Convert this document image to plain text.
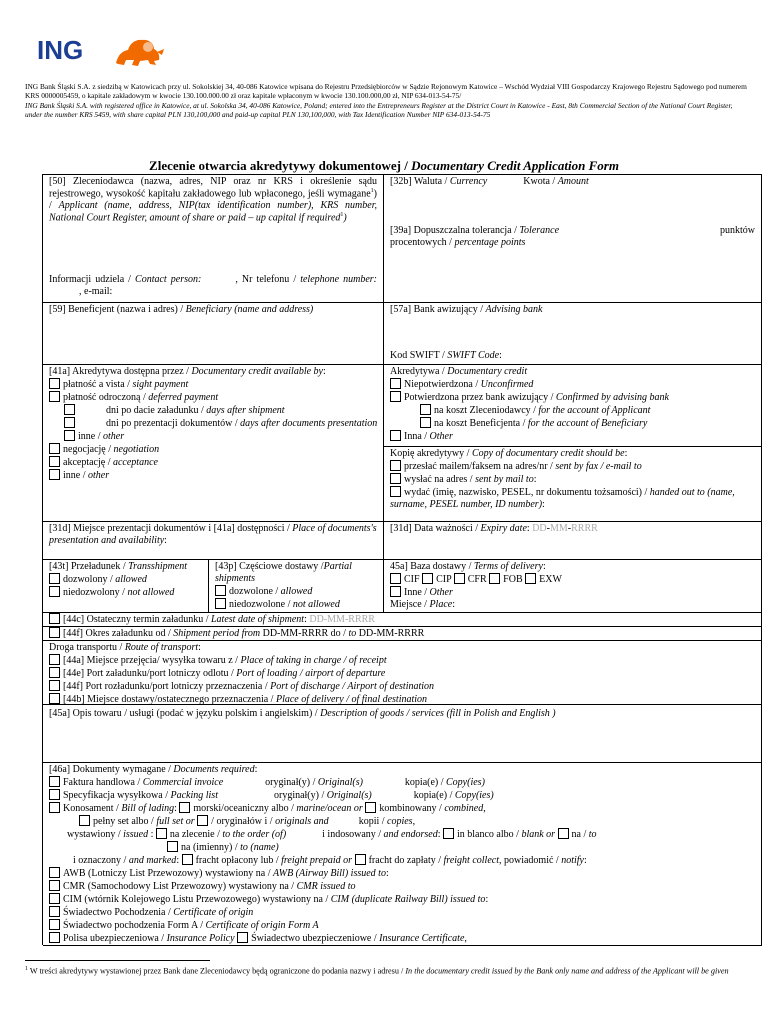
ING
ING Bank Śląski S.A. z siedzibą w Katowicach przy ul. Sokolskiej 34, 40-086 Katowice wpisana do Rejestru Przedsiębiorców w Sądzie Rejonowym Katowice – Wschód Wydział VIII Gospodarczy Krajowego Rejestru Sądowego pod numerem KRS 0000005459, o kapitale zakładowym w kwocie 130.100.000.00 zł oraz kapitale wpłaconym w kwocie 130.100.000,00 zł, NIP 634-013-54-75/
ING Bank Śląski S.A. with registered office in Katowice, at ul. Sokolska 34, 40-086 Katowice, Poland; entered into the Entrepreneurs Register at the District Court in Katowice - East, 8th Commercial Section of the National Court Register, under the number KRS 5459, with share capital PLN 130,100,000 and paid-up capital PLN 130,100,000, with Tax Identification Number NIP 634-013-54-75
Zlecenie otwarcia akredytywy dokumentowej / Documentary Credit Application Form
[50] Zleceniodawca (nazwa, adres, NIP oraz nr KRS i określenie sądu rejestrowego, wysokość kapitału zakładowego lub wpłaconego, jeśli wymagane$^1$) / Applicant (name, address, NIP(tax identification number), KRS number, National Court Register, amount of share or paid – up capital if required$^1$)
Informacji udziela / Contact person:	, Nr telefonu / telephone number: , e-mail:
[32b] Waluta / Currency	Kwota / Amount
[39a] Dopuszczalna tolerancja / Tolerance	punktów
procentowych / percentage points
[59] Beneficjent (nazwa i adres) / Beneficiary (name and address)	[57a] Bank awizujący / Advising bank
Kod SWIFT / SWIFT Code:
[41a] Akredytywa dostępna przez / Documentary credit available by:
płatność a vista / sight payment
płatność odroczoną / deferred payment
dni po dacie załadunku / days after shipment
dni po prezentacji dokumentów / days after documents presentation
inne / other
negocjację / negotiation
akceptację / acceptance
inne / other
Akredytywa / Documentary credit
Niepotwierdzona / Unconfirmed
Potwierdzona przez bank awizujący / Confirmed by advising bank
na koszt Zleceniodawcy / for the account of Applicant
na koszt Beneficjenta / for the account of Beneficiary
Inna / Other
Kopię akredytywy / Copy of documentary credit should be:
przesłać mailem/faksem na adres/nr / sent by fax / e-mail to
wysłać na adres / sent by mail to:
wydać (imię, nazwisko, PESEL, nr dokumentu tożsamości) / handed out to (name, surname, PESEL number, ID number):
[31d] Miejsce prezentacji dokumentów i [41a] dostępności / Place of documents's presentation and availability:
[31d] Data ważności / Expiry date: DD-MM-RRRR
[43t] Przeładunek / Transshipment
dozwolony / allowed
niedozwolony / not allowed
[43p] Częściowe dostawy /Partial shipments
dozwolone / allowed
niedozwolone / not allowed
45a] Baza dostawy / Terms of delivery:
CIF CIP CFR FOB EXW
Inne / Other
Miejsce / Place:
[44c] Ostateczny termin załadunku / Latest date of shipment: DD-MM-RRRR
[44f] Okres załadunku od / Shipment period from DD-MM-RRRR do / to DD-MM-RRRR
Droga transportu / Route of transport:
[44a] Miejsce przejęcia/ wysyłka towaru z / Place of taking in charge / of receipt
[44e] Port załadunku/port lotniczy odlotu / Port of loading / airport of departure
[44f] Port rozładunku/port lotniczy przeznaczenia / Port of discharge / Airport of destination
[44b] Miejsce dostawy/ostatecznego przeznaczenia / Place of delivery / of final destination
[45a] Opis towaru / usługi (podać w języku polskim i angielskim) / Description of goods / services (fill in Polish and English )
[46a] Dokumenty wymagane / Documents required:
Faktura handlowa / Commercial invoice	oryginał(y) / Original(s)	kopia(e) / Copy(ies)
Specyfikacja wysyłkowa / Packing list	oryginał(y) / Original(s)	kopia(e) / Copy(ies)
Konosament / Bill of lading: morski/oceaniczny albo / marine/ocean or kombinowany / combined,
pełny set albo / full set or / oryginałów i / originals and	kopii / copies,
wystawiony / issued : na zlecenie / to the order (of)	i indosowany / and endorsed: in blanco albo / blank or na / to
na (imienny) / to (name)
i oznaczony / and marked: fracht opłacony lub / freight prepaid or fracht do zapłaty / freight collect, powiadomić / notify:
AWB (Lotniczy List Przewozowy) wystawiony na / AWB (Airway Bill) issued to:
CMR (Samochodowy List Przewozowy) wystawiony na / CMR issued to
CIM (wtórnik Kolejowego Listu Przewozowego) wystawiony na / CIM (duplicate Railway Bill) issued to:
Świadectwo Pochodzenia / Certificate of origin
Świadectwo pochodzenia Form A / Certificate of origin Form A
Polisa ubezpieczeniowa / Insurance Policy Świadectwo ubezpieczeniowe / Insurance Certificate,
$^1$ W treści akredytywy wystawionej przez Bank dane Zleceniodawcy będą ograniczone do podania nazwy i adresu / In the documentary credit issued by the Bank only name and address of the Applicant will be given
